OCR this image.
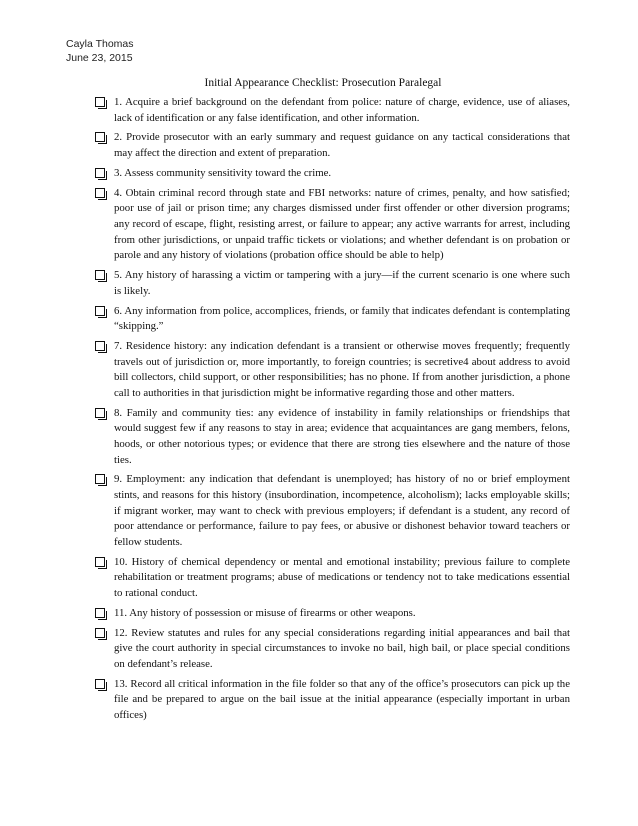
Cayla Thomas
June 23, 2015
Initial Appearance Checklist: Prosecution Paralegal
1. Acquire a brief background on the defendant from police: nature of charge, evidence, use of aliases, lack of identification or any false identification, and other information.
2. Provide prosecutor with an early summary and request guidance on any tactical considerations that may affect the direction and extent of preparation.
3. Assess community sensitivity toward the crime.
4. Obtain criminal record through state and FBI networks: nature of crimes, penalty, and how satisfied; poor use of jail or prison time; any charges dismissed under first offender or other diversion programs; any record of escape, flight, resisting arrest, or failure to appear; any active warrants for arrest, including from other jurisdictions, or unpaid traffic tickets or violations; and whether defendant is on probation or parole and any history of violations (probation office should be able to help)
5. Any history of harassing a victim or tampering with a jury—if the current scenario is one where such is likely.
6. Any information from police, accomplices, friends, or family that indicates defendant is contemplating “skipping.”
7. Residence history: any indication defendant is a transient or otherwise moves frequently; frequently travels out of jurisdiction or, more importantly, to foreign countries; is secretive4 about address to avoid bill collectors, child support, or other responsibilities; has no phone. If from another jurisdiction, a phone call to authorities in that jurisdiction might be informative regarding those and other matters.
8. Family and community ties: any evidence of instability in family relationships or friendships that would suggest few if any reasons to stay in area; evidence that acquaintances are gang members, felons, hoods, or other notorious types; or evidence that there are strong ties elsewhere and the nature of those ties.
9. Employment: any indication that defendant is unemployed; has history of no or brief employment stints, and reasons for this history (insubordination, incompetence, alcoholism); lacks employable skills; if migrant worker, may want to check with previous employers; if defendant is a student, any record of poor attendance or performance, failure to pay fees, or abusive or dishonest behavior toward teachers or fellow students.
10. History of chemical dependency or mental and emotional instability; previous failure to complete rehabilitation or treatment programs; abuse of medications or tendency not to take medications essential to rational conduct.
11. Any history of possession or misuse of firearms or other weapons.
12. Review statutes and rules for any special considerations regarding initial appearances and bail that give the court authority in special circumstances to invoke no bail, high bail, or place special conditions on defendant’s release.
13. Record all critical information in the file folder so that any of the office’s prosecutors can pick up the file and be prepared to argue on the bail issue at the initial appearance (especially important in urban offices)
